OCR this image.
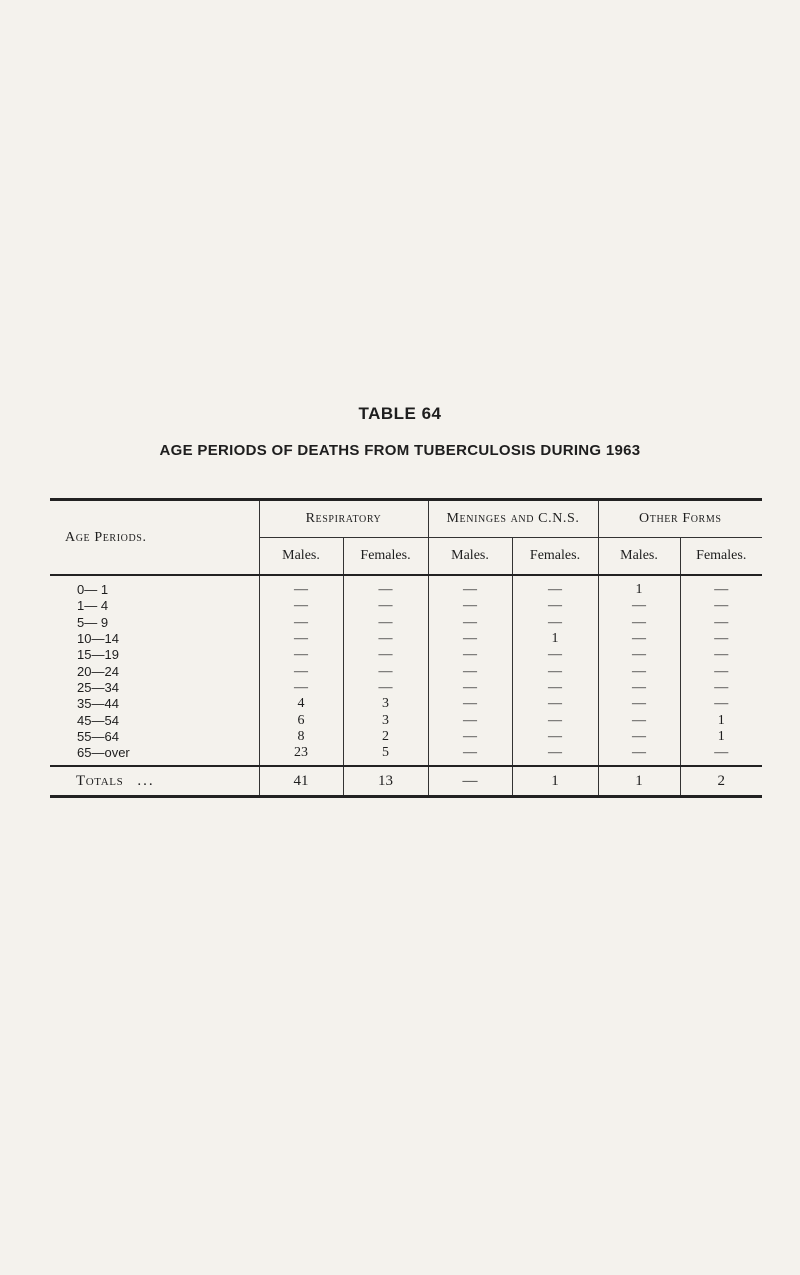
TABLE 64
AGE PERIODS OF DEATHS FROM TUBERCULOSIS DURING 1963
Age Periods.	Respiratory		Meninges and C.N.S.		Other Forms	
	Males.	Females.	Males.	Females.	Males.	Females.
0— 1	—	—	—	—	1	—
1— 4	—	—	—	—	—	—
5— 9	—	—	—	—	—	—
10—14	—	—	—	1	—	—
15—19	—	—	—	—	—	—
20—24	—	—	—	—	—	—
25—34	—	—	—	—	—	—
35—44	4	3	—	—	—	—
45—54	6	3	—	—	—	1
55—64	8	2	—	—	—	1
65—over	23	5	—	—	—	—
Totals ...	41	13	—	1	1	2
